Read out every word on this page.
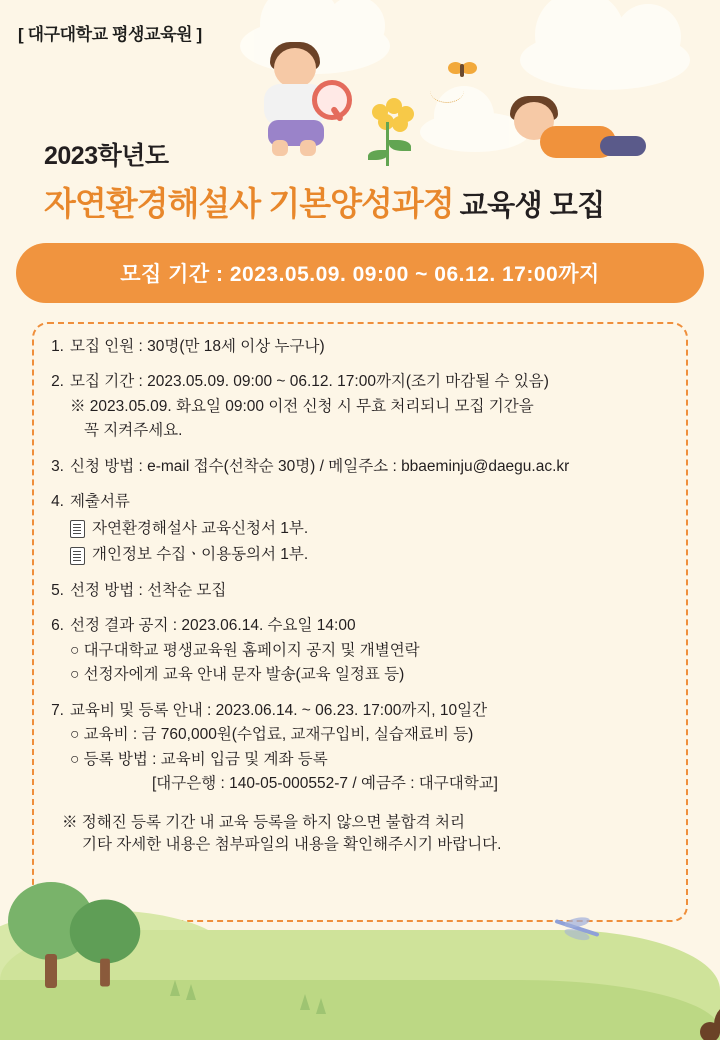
[ 대구대학교 평생교육원 ]
2023학년도
자연환경해설사 기본양성과정 교육생 모집
모집 기간 : 2023.05.09. 09:00 ~ 06.12. 17:00까지
1. 모집 인원 : 30명(만 18세 이상 누구나)
2. 모집 기간 : 2023.05.09. 09:00 ~ 06.12. 17:00까지(조기 마감될 수 있음)
※ 2023.05.09. 화요일 09:00 이전 신청 시 무효 처리되니 모집 기간을
꼭 지켜주세요.
3. 신청 방법 : e-mail 접수(선착순 30명) / 메일주소 : bbaeminju@daegu.ac.kr
4. 제출서류
자연환경해설사 교육신청서 1부.
개인정보 수집ㆍ이용동의서 1부.
5. 선정 방법 : 선착순 모집
6. 선정 결과 공지 : 2023.06.14. 수요일 14:00
○ 대구대학교 평생교육원 홈페이지 공지 및 개별연락
○ 선정자에게 교육 안내 문자 발송(교육 일정표 등)
7. 교육비 및 등록 안내 : 2023.06.14. ~ 06.23. 17:00까지, 10일간
○ 교육비 : 금 760,000원(수업료, 교재구입비, 실습재료비 등)
○ 등록 방법 : 교육비 입금 및 계좌 등록
[대구은행 : 140-05-000552-7 / 예금주 : 대구대학교]
※ 정해진 등록 기간 내 교육 등록을 하지 않으면 불합격 처리
기타 자세한 내용은 첨부파일의 내용을 확인해주시기 바랍니다.
